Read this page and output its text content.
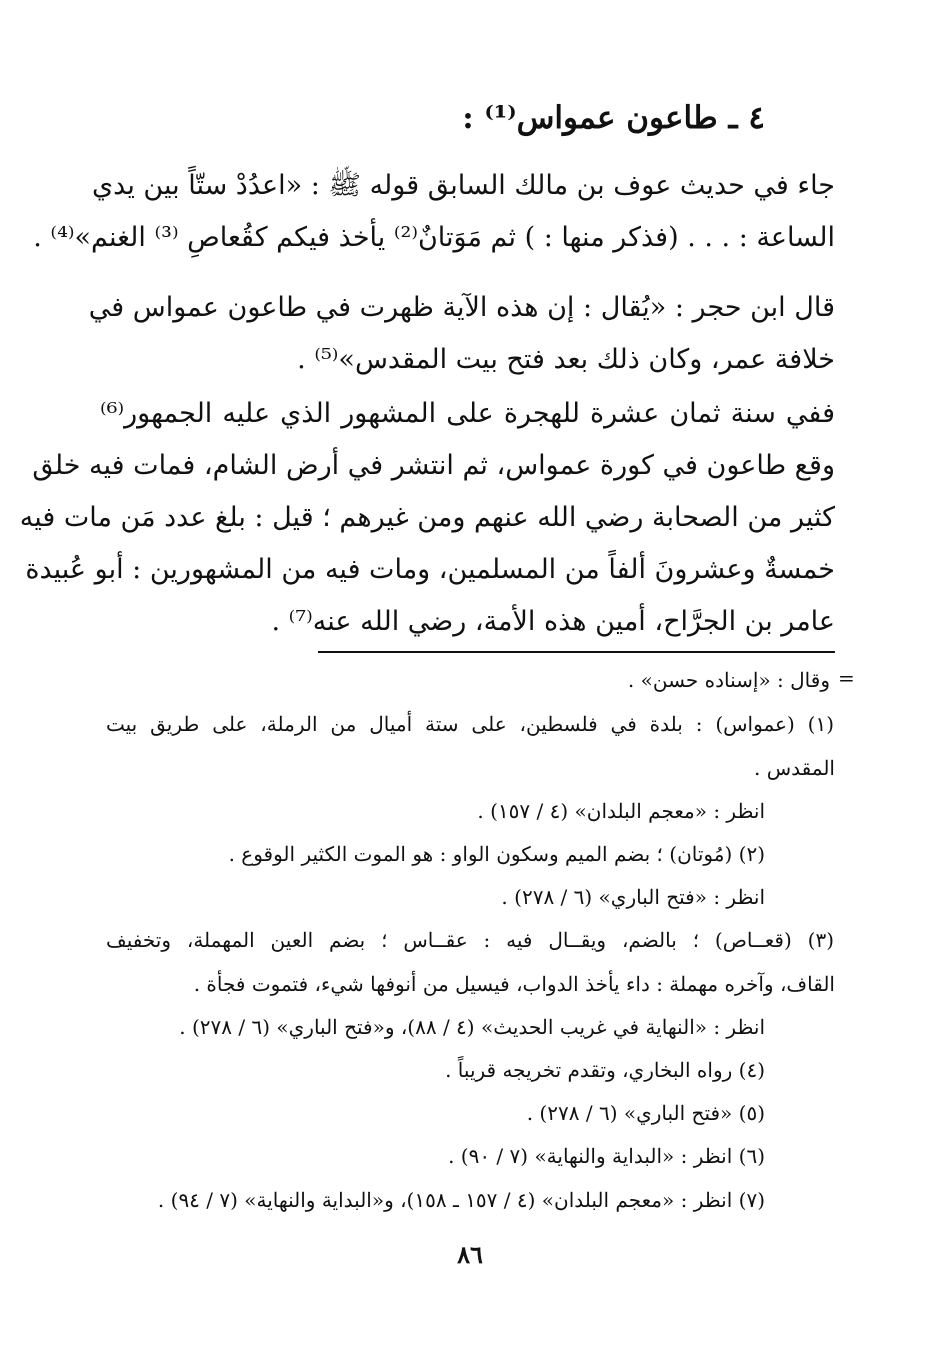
٤ ـ طاعون عمواس⁽¹⁾ :
جاء في حديث عوف بن مالك السابق قوله ﷺ : «اعدُدْ ستّاً بين يدي
الساعة : . . . (فذكر منها : ) ثم مَوَتانٌ⁽²⁾ يأخذ فيكم كقُعاصِ ⁽³⁾ الغنم»⁽⁴⁾ .
قال ابن حجر : «يُقال : إن هذه الآية ظهرت في طاعون عمواس في
خلافة عمر، وكان ذلك بعد فتح بيت المقدس»⁽⁵⁾ .
ففي سنة ثمان عشرة للهجرة على المشهور الذي عليه الجمهور⁽⁶⁾
وقع طاعون في كورة عمواس، ثم انتشر في أرض الشام، فمات فيه خلق
كثير من الصحابة رضي الله عنهم ومن غيرهم ؛ قيل : بلغ عدد مَن مات فيه
خمسةٌ وعشرونَ ألفاً من المسلمين، ومات فيه من المشهورين : أبو عُبيدة
عامر بن الجرَّاح، أمين هذه الأمة، رضي الله عنه⁽⁷⁾ .
=
وقال : «إسناده حسن» .
(١) (عمواس) : بلدة في فلسطين، على ستة أميال من الرملة، على طريق بيت
المقدس .
انظر : «معجم البلدان» (٤ / ١٥٧) .
(٢) (مُوتان) ؛ بضم الميم وسكون الواو : هو الموت الكثير الوقوع .
انظر : «فتح الباري» (٦ / ٢٧٨) .
(٣) (قعــاص) ؛ بالضم، ويقــال فيه : عقــاس ؛ بضم العين المهملة، وتخفيف
القاف، وآخره مهملة : داء يأخذ الدواب، فيسيل من أنوفها شيء، فتموت فجأة .
انظر : «النهاية في غريب الحديث» (٤ / ٨٨)، و«فتح الباري» (٦ / ٢٧٨) .
(٤) رواه البخاري، وتقدم تخريجه قريباً .
(٥) «فتح الباري» (٦ / ٢٧٨) .
(٦) انظر : «البداية والنهاية» (٧ / ٩٠) .
(٧) انظر : «معجم البلدان» (٤ / ١٥٧ ـ ١٥٨)، و«البداية والنهاية» (٧ / ٩٤) .
٨٦
